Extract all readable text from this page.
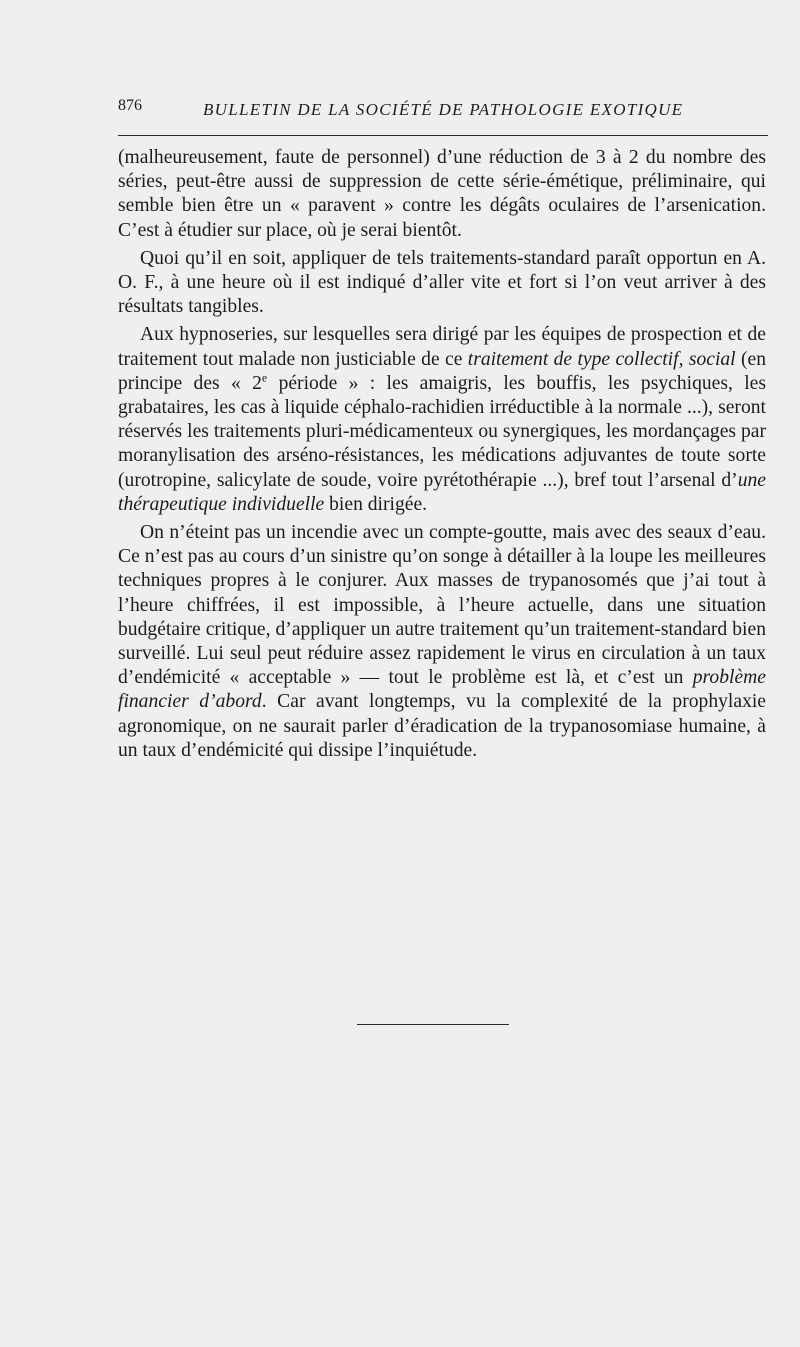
876	BULLETIN DE LA SOCIÉTÉ DE PATHOLOGIE EXOTIQUE

(malheureusement, faute de personnel) d’une réduction de 3 à 2 du nombre des séries, peut-être aussi de suppression de cette série-émétique, préliminaire, qui semble bien être un « paravent » contre les dégâts oculaires de l’arsenication. C’est à étudier sur place, où je serai bientôt.

Quoi qu’il en soit, appliquer de tels traitements-standard paraît opportun en A. O. F., à une heure où il est indiqué d’aller vite et fort si l’on veut arriver à des résultats tangibles.

Aux hypnoseries, sur lesquelles sera dirigé par les équipes de prospection et de traitement tout malade non justiciable de ce traitement de type collectif, social (en principe des « 2e période » : les amaigris, les bouffis, les psychiques, les grabataires, les cas à liquide céphalo-rachidien irréductible à la normale ...), seront réservés les traitements pluri-médicamenteux ou synergiques, les mordançages par moranylisation des arséno-résistances, les médications adjuvantes de toute sorte (urotropine, salicylate de soude, voire pyrétothérapie ...), bref tout l’arsenal d’une thérapeutique individuelle bien dirigée.

On n’éteint pas un incendie avec un compte-goutte, mais avec des seaux d’eau. Ce n’est pas au cours d’un sinistre qu’on songe à détailler à la loupe les meilleures techniques propres à le conjurer. Aux masses de trypanosomés que j’ai tout à l’heure chiffrées, il est impossible, à l’heure actuelle, dans une situation budgétaire critique, d’appliquer un autre traitement qu’un traitement-standard bien surveillé. Lui seul peut réduire assez rapidement le virus en circulation à un taux d’endémicité « acceptable » — tout le problème est là, et c’est un problème financier d’abord. Car avant longtemps, vu la complexité de la prophylaxie agronomique, on ne saurait parler d’éradication de la trypanosomiase humaine, à un taux d’endémicité qui dissipe l’inquiétude.
